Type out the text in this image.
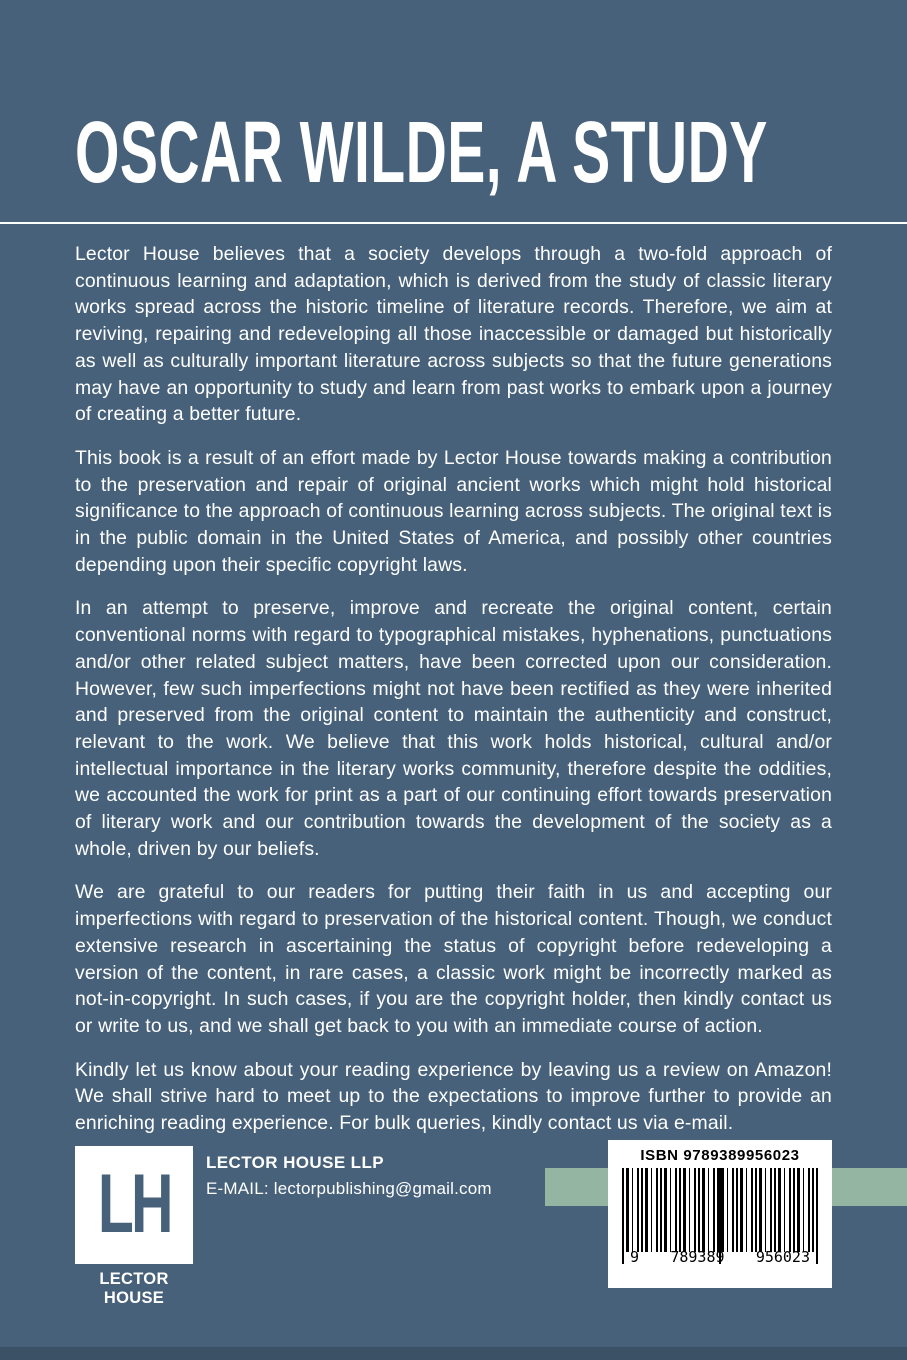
OSCAR WILDE, A STUDY

Lector House believes that a society develops through a two-fold approach of continuous learning and adaptation, which is derived from the study of classic literary works spread across the historic timeline of literature records. Therefore, we aim at reviving, repairing and redeveloping all those inaccessible or damaged but historically as well as culturally important literature across subjects so that the future generations may have an opportunity to study and learn from past works to embark upon a journey of creating a better future.

This book is a result of an effort made by Lector House towards making a contribution to the preservation and repair of original ancient works which might hold historical significance to the approach of continuous learning across subjects. The original text is in the public domain in the United States of America, and possibly other countries depending upon their specific copyright laws.

In an attempt to preserve, improve and recreate the original content, certain conventional norms with regard to typographical mistakes, hyphenations, punctuations and/or other related subject matters, have been corrected upon our consideration. However, few such imperfections might not have been rectified as they were inherited and preserved from the original content to maintain the authenticity and construct, relevant to the work. We believe that this work holds historical, cultural and/or intellectual importance in the literary works community, therefore despite the oddities, we accounted the work for print as a part of our continuing effort towards preservation of literary work and our contribution towards the development of the society as a whole, driven by our beliefs.

We are grateful to our readers for putting their faith in us and accepting our imperfections with regard to preservation of the historical content. Though, we conduct extensive research in ascertaining the status of copyright before redeveloping a version of the content, in rare cases, a classic work might be incorrectly marked as not-in-copyright. In such cases, if you are the copyright holder, then kindly contact us or write to us, and we shall get back to you with an immediate course of action.

Kindly let us know about your reading experience by leaving us a review on Amazon! We shall strive hard to meet up to the expectations to improve further to provide an enriching reading experience. For bulk queries, kindly contact us via e-mail.

LH
LECTOR HOUSE
LECTOR HOUSE LLP
E-MAIL: lectorpublishing@gmail.com
ISBN 9789389956023
9 789389 956023
